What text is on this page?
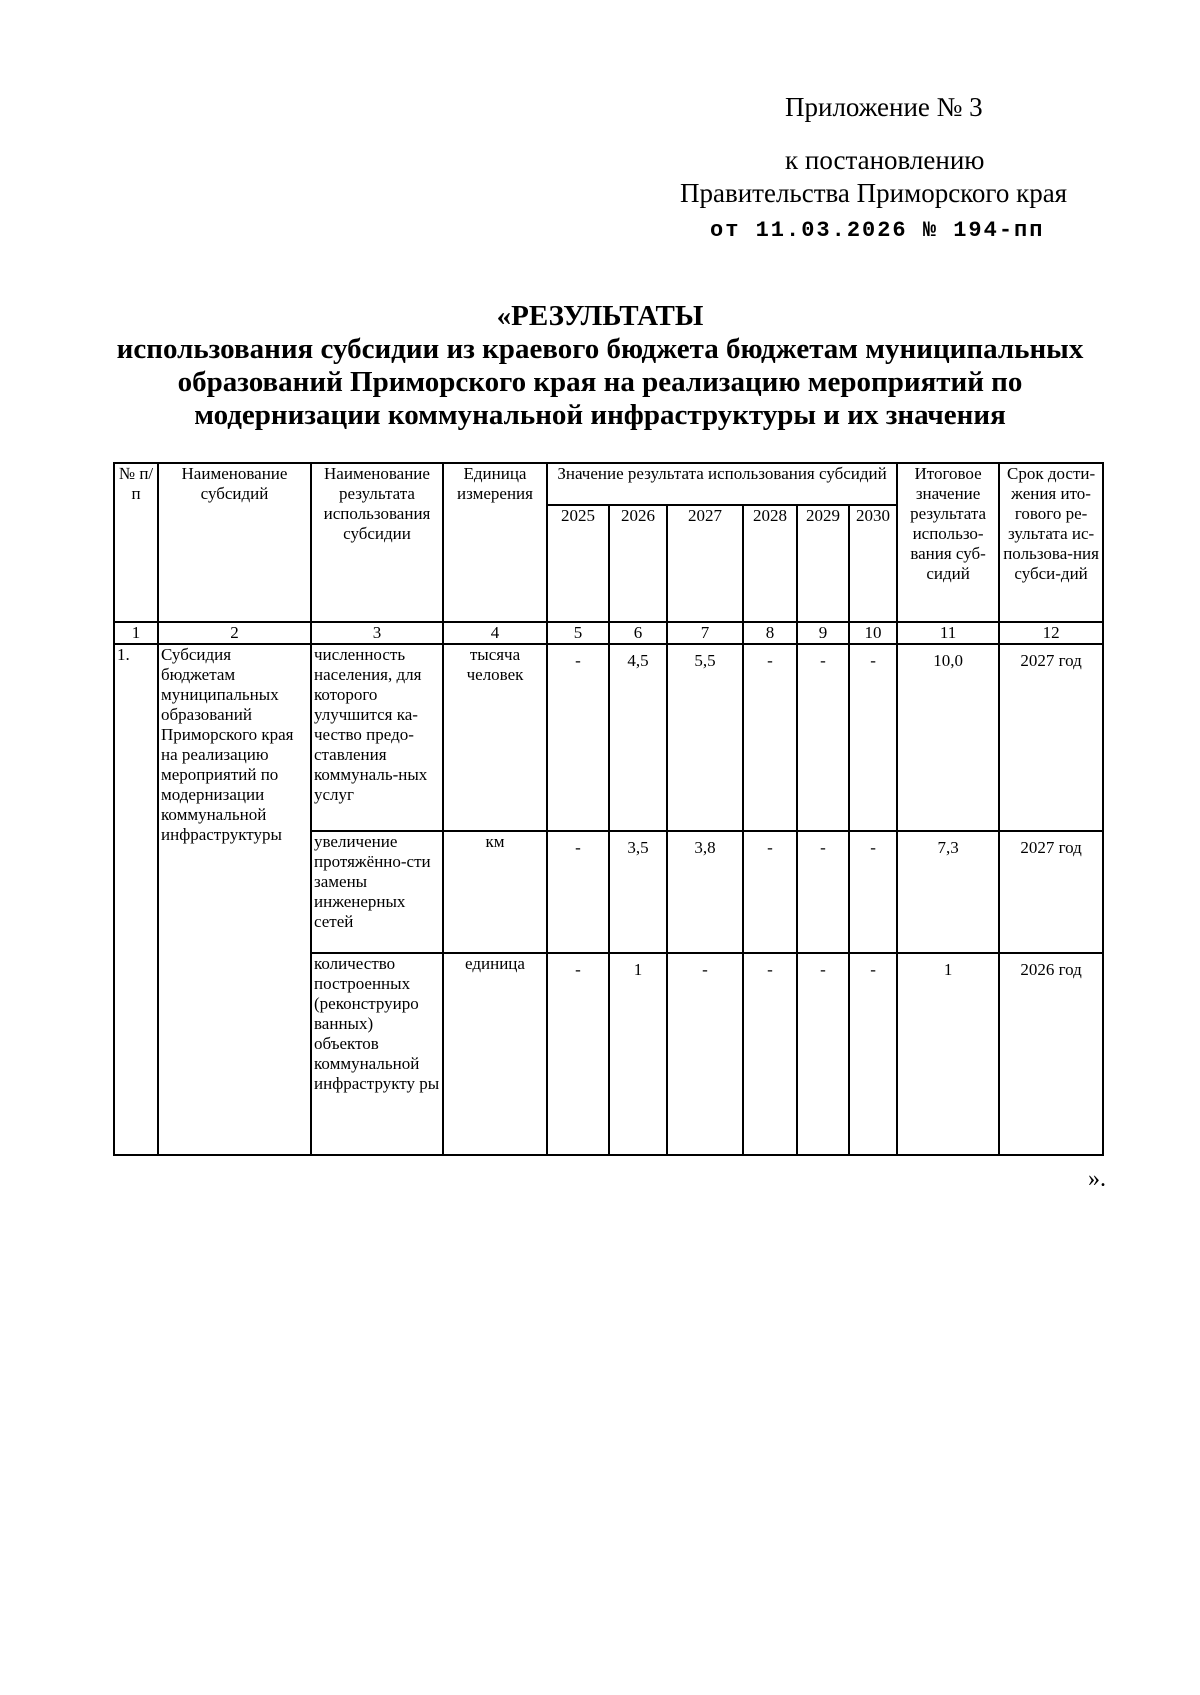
Приложение № 3
к постановлению
Правительства Приморского края
от 11.03.2026 № 194-пп
«РЕЗУЛЬТАТЫ
использования субсидии из краевого бюджета бюджетам муниципальных
образований Приморского края на реализацию мероприятий по
модернизации коммунальной инфраструктуры и их значения
№ п/п	Наименование субсидий	Наименование результата использования субсидии	Единица измерения	Значение результата использования субсидий						Итоговое значение результата использо-вания суб-сидий	Срок дости-жения ито-гового ре-зультата ис-пользова-ния субси-дий
				2025	2026	2027	2028	2029	2030		
1	2	3	4	5	6	7	8	9	10	11	12
1.	Субсидия бюджетам муниципальных образований Приморского края на реализацию мероприятий по модернизации коммунальной инфраструктуры	численность населения, для которого улучшится ка-чество предо-ставления коммуналь-ных услуг	тысяча человек	-	4,5	5,5	-	-	-	10,0	2027 год
		увеличение протяжённо-сти замены инженерных сетей	км	-	3,5	3,8	-	-	-	7,3	2027 год
		количество построенных (реконструиро ванных) объектов коммунальной инфраструкту ры	единица	-	1	-	-	-	-	1	2026 год
».
